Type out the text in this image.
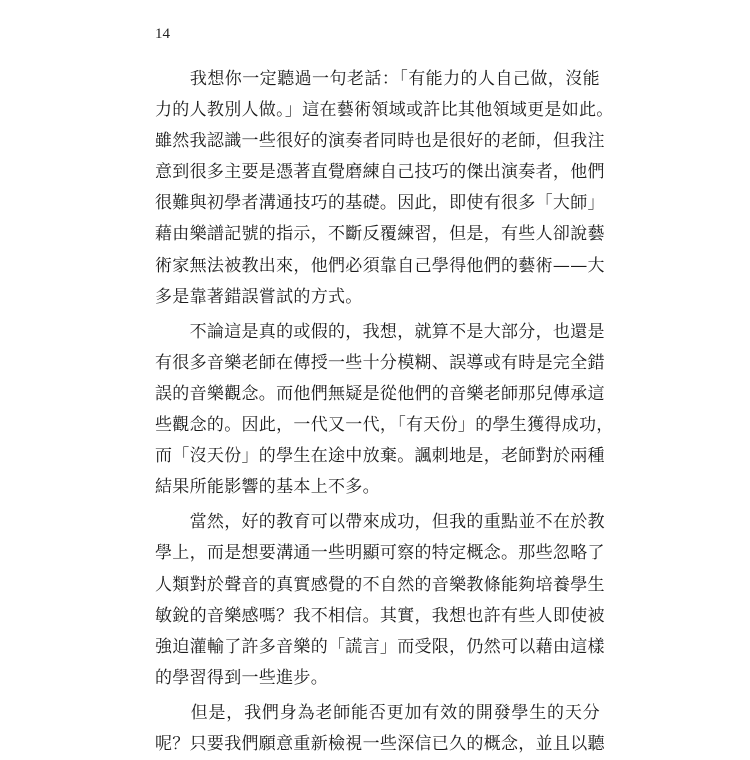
14
　　我想你一定聽過一句老話：「有能力的人自己做，沒能
力的人教別人做。」這在藝術領域或許比其他領域更是如此。
雖然我認識一些很好的演奏者同時也是很好的老師，但我注
意到很多主要是憑著直覺磨練自己技巧的傑出演奏者，他們
很難與初學者溝通技巧的基礎。因此，即使有很多「大師」
藉由樂譜記號的指示，不斷反覆練習，但是，有些人卻說藝
術家無法被教出來，他們必須靠自己學得他們的藝術——大
多是靠著錯誤嘗試的方式。
　　不論這是真的或假的，我想，就算不是大部分，也還是
有很多音樂老師在傳授一些十分模糊、誤導或有時是完全錯
誤的音樂觀念。而他們無疑是從他們的音樂老師那兒傳承這
些觀念的。因此，一代又一代，「有天份」的學生獲得成功，
而「沒天份」的學生在途中放棄。諷刺地是，老師對於兩種
結果所能影響的基本上不多。
　　當然，好的教育可以帶來成功，但我的重點並不在於教
學上，而是想要溝通一些明顯可察的特定概念。那些忽略了
人類對於聲音的真實感覺的不自然的音樂教條能夠培養學生
敏銳的音樂感嗎？我不相信。其實，我想也許有些人即使被
強迫灌輸了許多音樂的「謊言」而受限，仍然可以藉由這樣
的學習得到一些進步。
　　但是，我們身為老師能否更加有效的開發學生的天分
呢？只要我們願意重新檢視一些深信已久的概念，並且以聽
